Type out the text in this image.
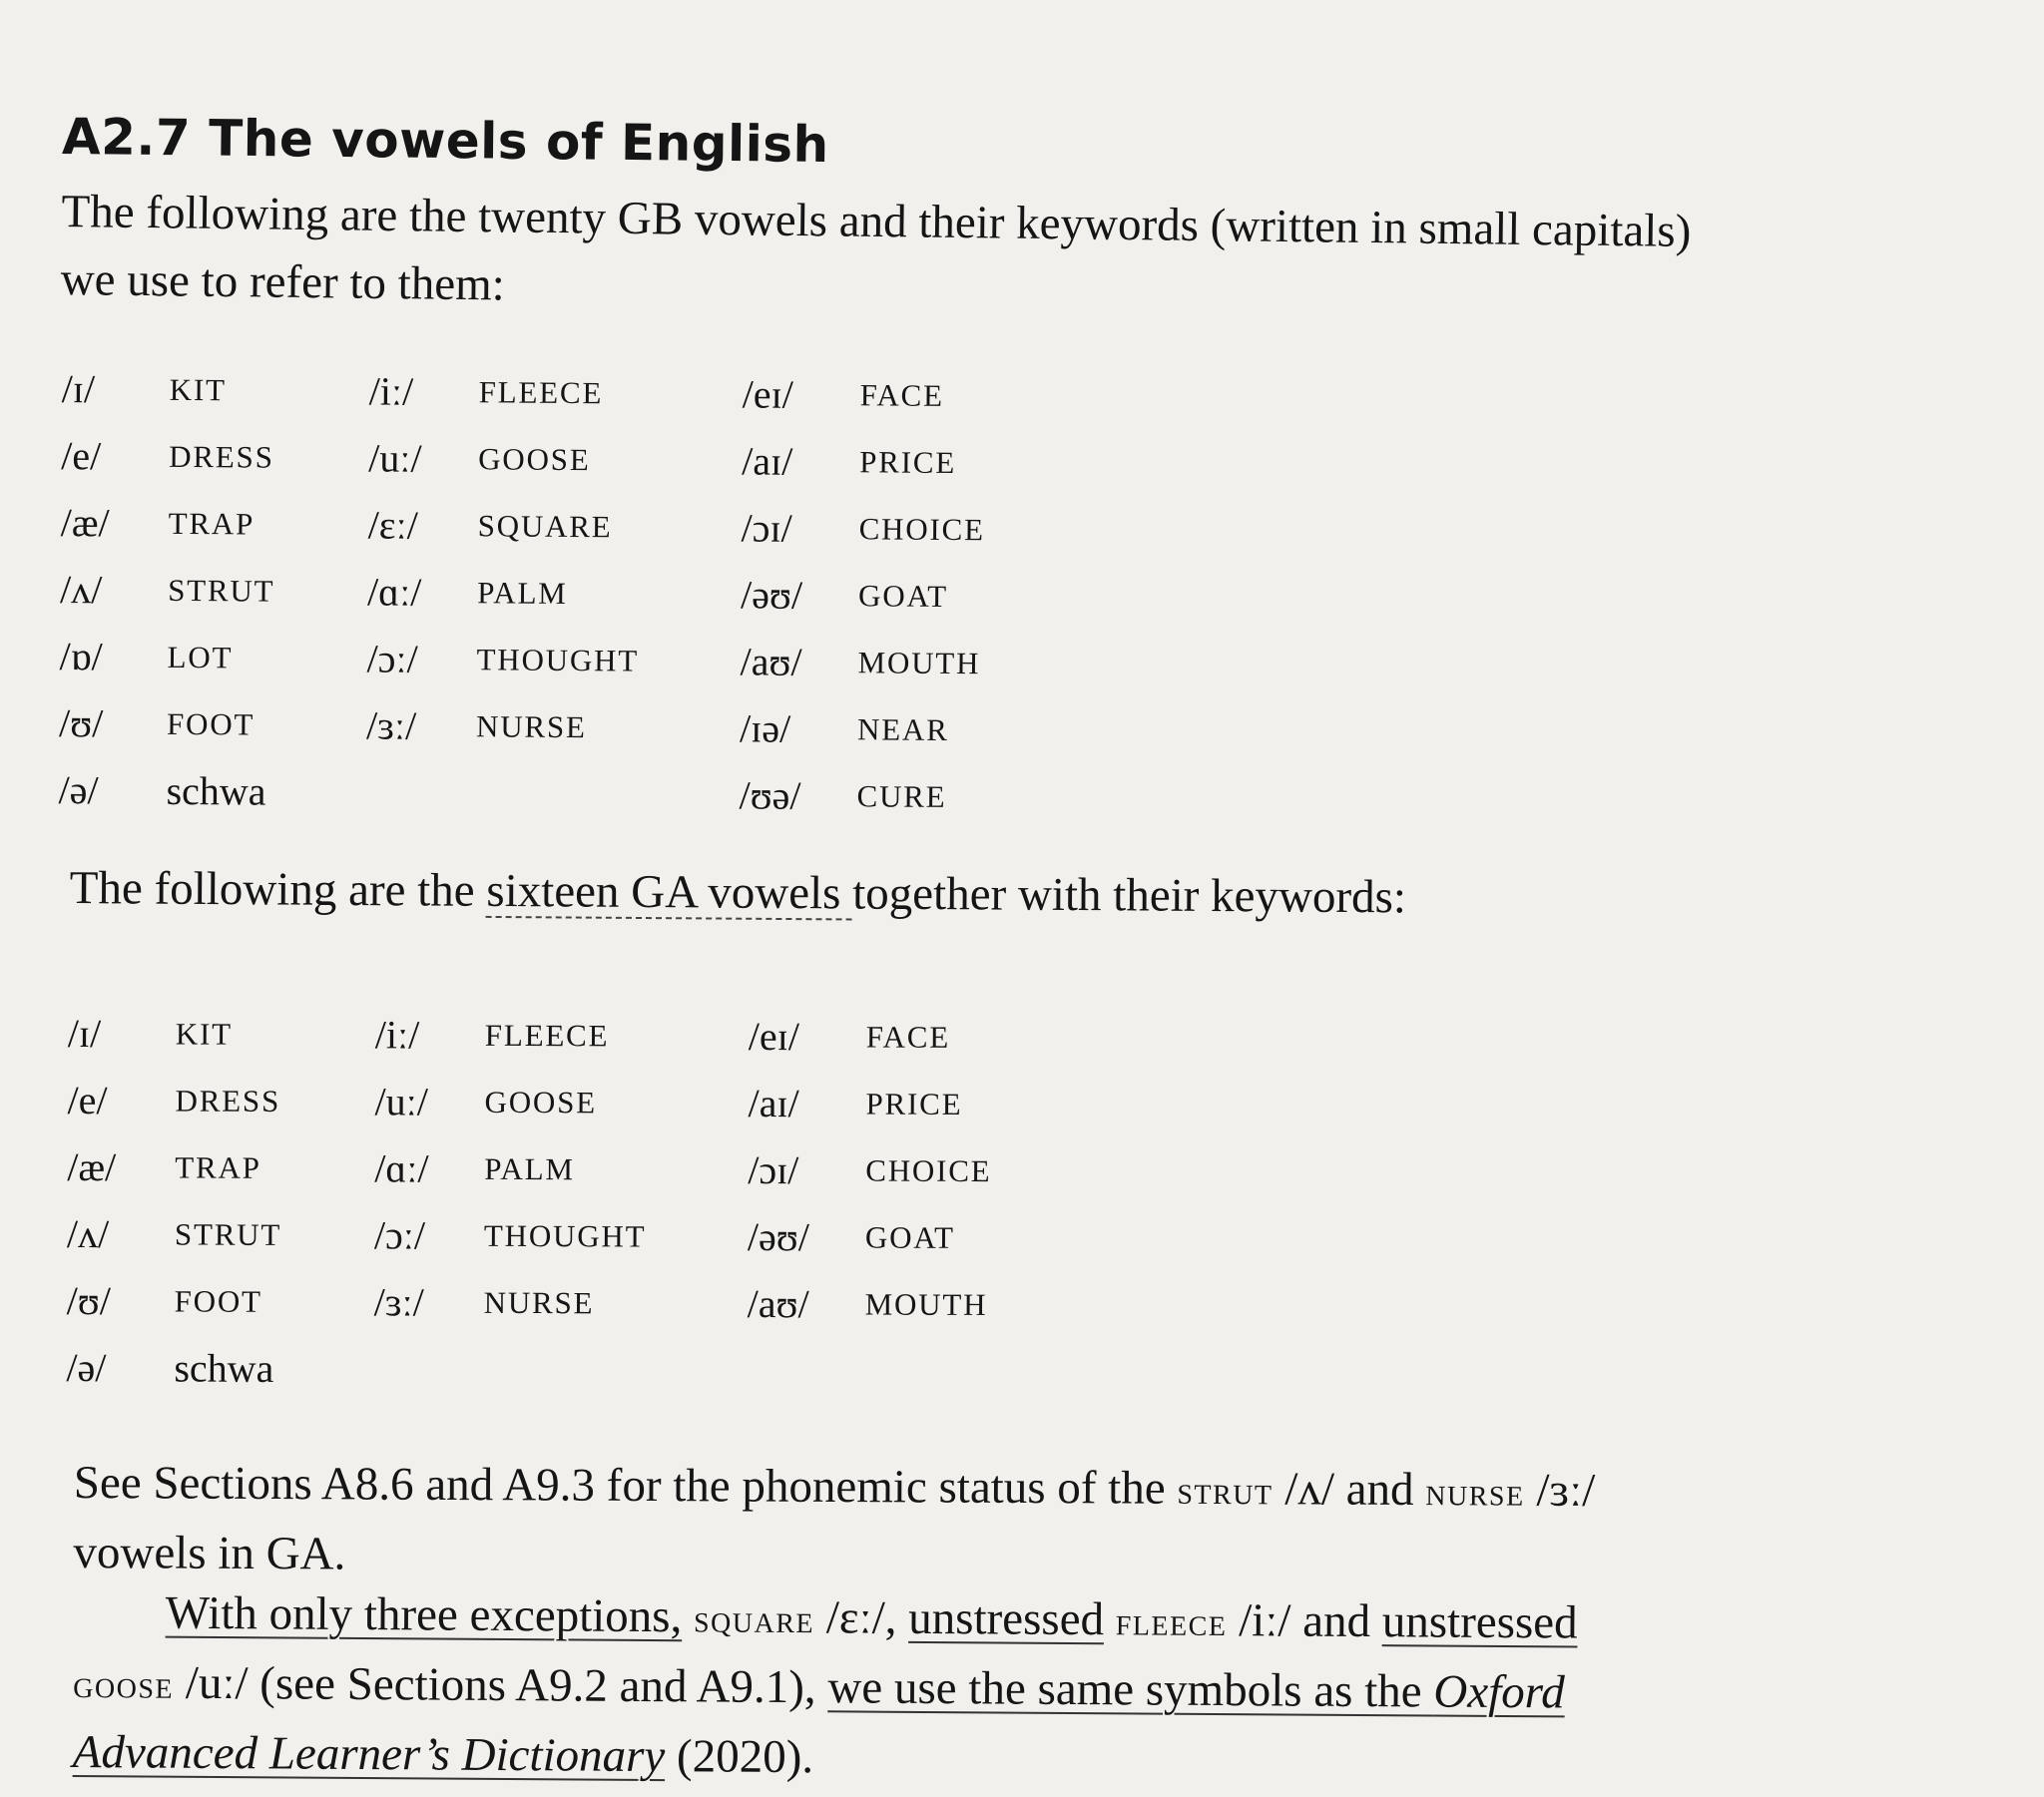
A2.7 The vowels of English

The following are the twenty GB vowels and their keywords (written in small capitals)
we use to refer to them:

/ɪ/	KIT	/iː/	FLEECE	/eɪ/	FACE
/e/	DRESS	/uː/	GOOSE	/aɪ/	PRICE
/æ/	TRAP	/ɛː/	SQUARE	/ɔɪ/	CHOICE
/ʌ/	STRUT	/ɑː/	PALM	/əʊ/	GOAT
/ɒ/	LOT	/ɔː/	THOUGHT	/aʊ/	MOUTH
/ʊ/	FOOT	/ɜː/	NURSE	/ɪə/	NEAR
/ə/	schwa			/ʊə/	CURE

The following are the sixteen GA vowels together with their keywords:

/ɪ/	KIT	/iː/	FLEECE	/eɪ/	FACE
/e/	DRESS	/uː/	GOOSE	/aɪ/	PRICE
/æ/	TRAP	/ɑː/	PALM	/ɔɪ/	CHOICE
/ʌ/	STRUT	/ɔː/	THOUGHT	/əʊ/	GOAT
/ʊ/	FOOT	/ɜː/	NURSE	/aʊ/	MOUTH
/ə/	schwa				

See Sections A8.6 and A9.3 for the phonemic status of the strut /ʌ/ and nurse /ɜː/
vowels in GA.

With only three exceptions, square /ɛː/, unstressed fleece /iː/ and unstressed
goose /uː/ (see Sections A9.2 and A9.1), we use the same symbols as the Oxford
Advanced Learner’s Dictionary (2020).
